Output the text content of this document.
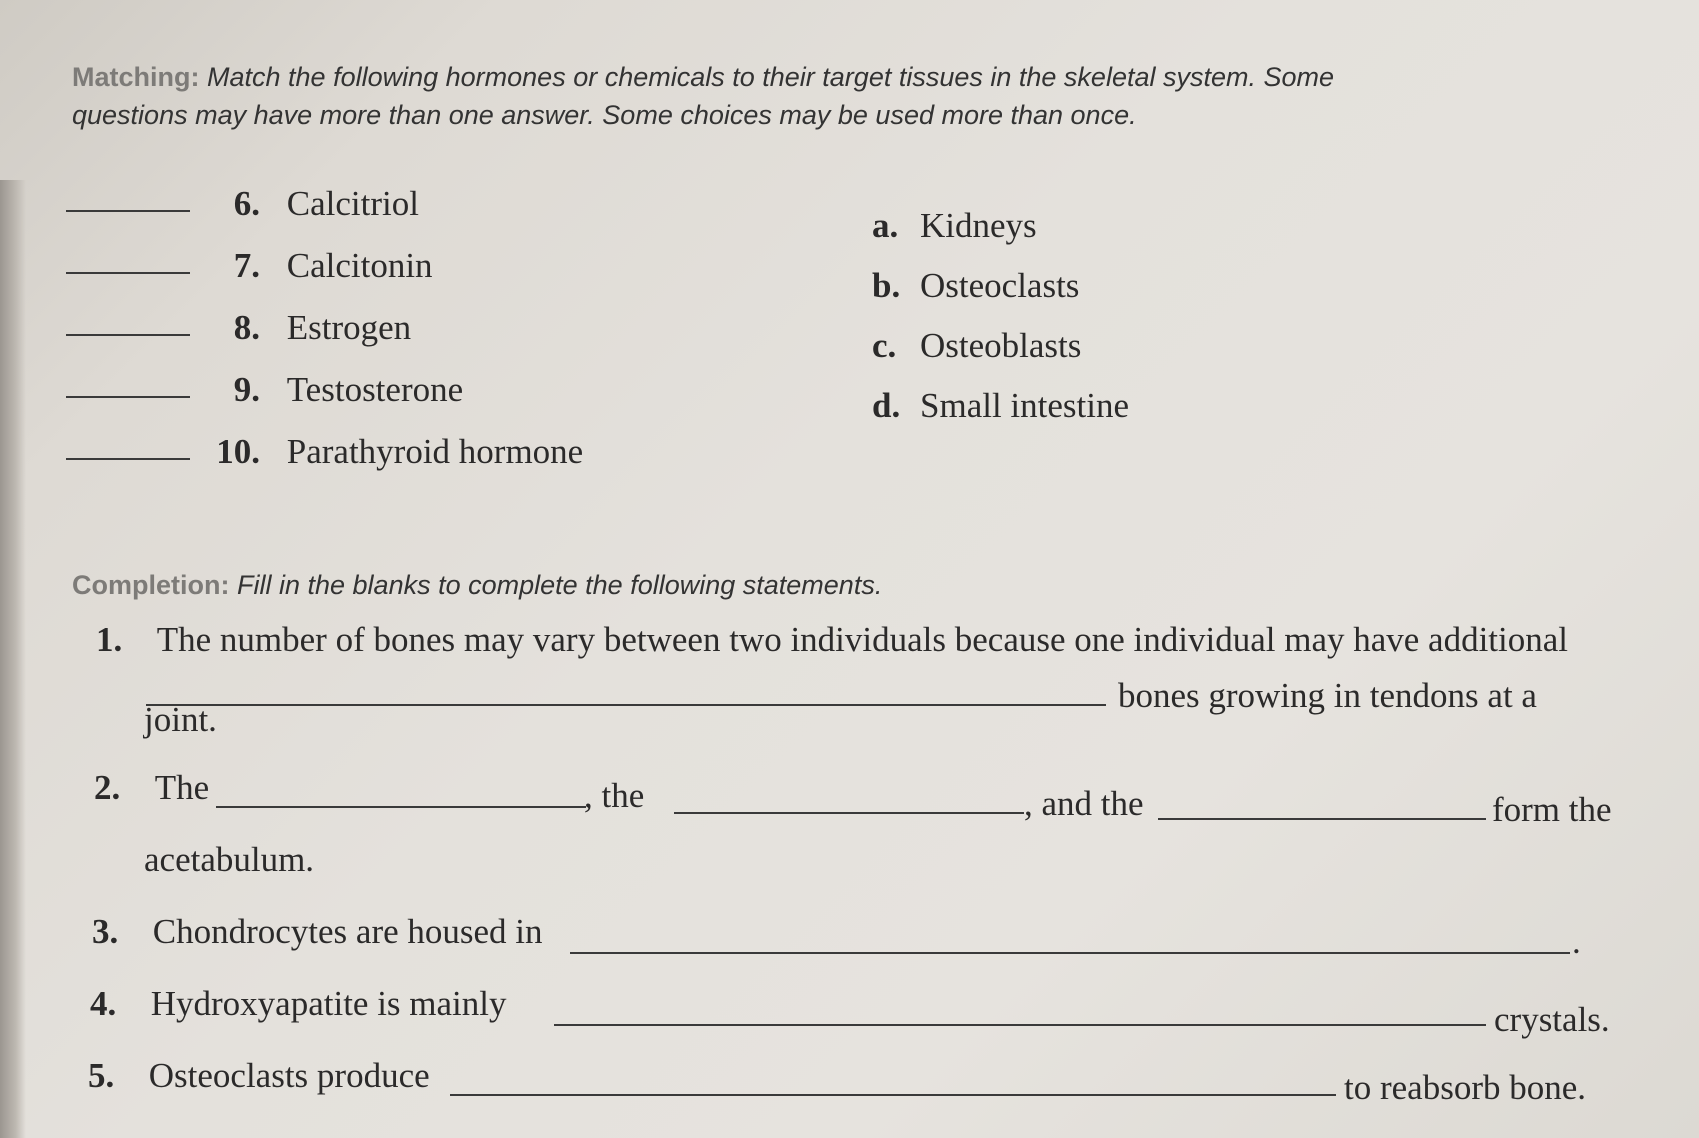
Matching: Match the following hormones or chemicals to their target tissues in the skeletal system. Some
questions may have more than one answer. Some choices may be used more than once.
6. Calcitriol
7. Calcitonin
8. Estrogen
9. Testosterone
10. Parathyroid hormone
a. Kidneys
b. Osteoclasts
c. Osteoblasts
d. Small intestine
Completion: Fill in the blanks to complete the following statements.
1. The number of bones may vary between two individuals because one individual may have additional
bones growing in tendons at a
joint.
2. The	, the	, and the	form the
acetabulum.
3. Chondrocytes are housed in	.
4. Hydroxyapatite is mainly	crystals.
5. Osteoclasts produce	to reabsorb bone.
